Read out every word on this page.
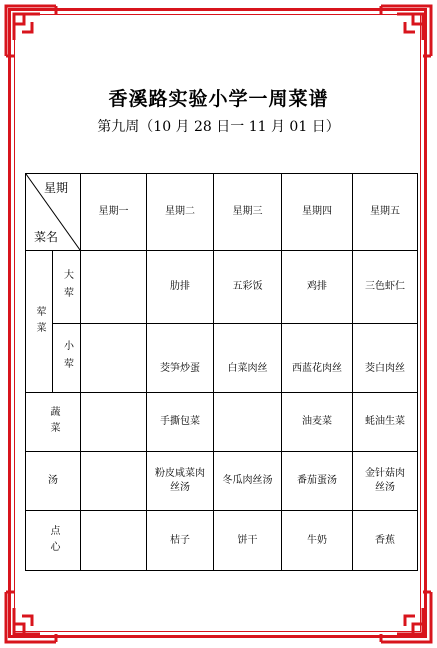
香溪路实验小学一周菜谱
第九周（10 月 28 日一 11 月 01 日）
星期
菜名		星期一	星期二	星期三	星期四	星期五
荤菜	大荤		肋排	五彩饭	鸡排	三色虾仁
	小荤		茭笋炒蛋	白菜肉丝	西蓝花肉丝	茭白肉丝
蔬菜			手撕包菜		油麦菜	蚝油生菜
汤			粉皮咸菜肉丝汤	冬瓜肉丝汤	番茄蛋汤	金针菇肉丝汤
点心			桔子	饼干	牛奶	香蕉
